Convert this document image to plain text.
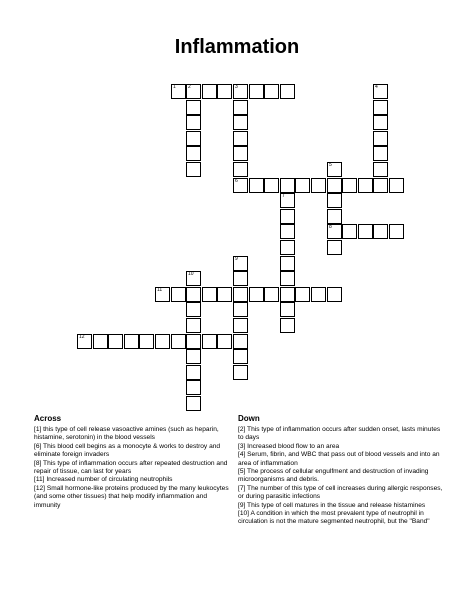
Inflammation
1 2	3	4
6
5
8
7
9
10
11
12
Across

[1] this type of cell release vasoactive amines (such as heparin, histamine, serotonin) in the blood vessels

[6] This blood cell begins as a monocyte & works to destroy and eliminate foreign invaders

[8] This type of inflammation occurs after repeated destruction and repair of tissue, can last for years

[11] Increased number of circulating neutrophils

[12] Small hormone-like proteins produced by the many leukocytes (and some other tissues) that help modify inflammation and immunity

Down

[2] This type of inflammation occurs after sudden onset, lasts minutes to days

[3] Increased blood flow to an area

[4] Serum, fibrin, and WBC that pass out of blood vessels and into an area of inflammation

[5] The process of cellular engulfment and destruction of invading microorganisms and debris.

[7] The number of this type of cell increases during allergic responses, or during parasitic infections

[9] This type of cell matures in the tissue and release histamines

[10] A condition in which the most prevalent type of neutrophil in circulation is not the mature segmented neutrophil, but the "Band"
